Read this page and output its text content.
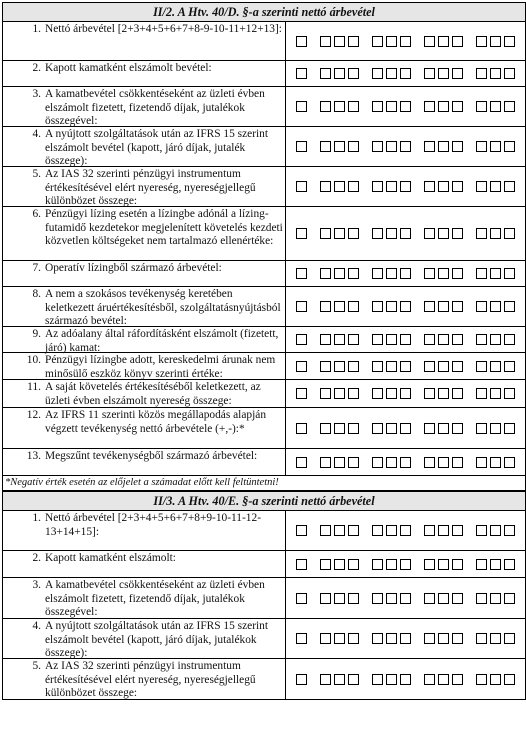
II/2. A Htv. 40/D. §-a szerinti nettó árbevétel
1. Nettó árbevétel [2+3+4+5+6+7+8-9-10-11+12+13]:
2. Kapott kamatként elszámolt bevétel:
3. A kamatbevétel csökkentéseként az üzleti évben elszámolt fizetett, fizetendő díjak, jutalékok összegével:
4. A nyújtott szolgáltatások után az IFRS 15 szerint elszámolt bevétel (kapott, járó díjak, jutalék összege):
5. Az IAS 32 szerinti pénzügyi instrumentum értékesítésével elért nyereség, nyereségjellegű különbözet összege:
6. Pénzügyi lízing esetén a lízingbe adónál a lízing-futamidő kezdetekor megjelenített követelés kezdeti közvetlen költségeket nem tartalmazó ellenértéke:
7. Operatív lízingből származó árbevétel:
8. A nem a szokásos tevékenység keretében keletkezett áruértékesítésből, szolgáltatásnyújtásból származó bevétel:
9. Az adóalany által ráfordításként elszámolt (fizetett, járó) kamat:
10. Pénzügyi lízingbe adott, kereskedelmi árunak nem minősülő eszköz könyv szerinti értéke:
11. A saját követelés értékesítéséből keletkezett, az üzleti évben elszámolt nyereség összege:
12. Az IFRS 11 szerinti közös megállapodás alapján végzett tevékenység nettó árbevétele (+,-):*
13. Megszűnt tevékenységből származó árbevétel:
*Negatív érték esetén az előjelet a számadat előtt kell feltüntetni!
II/3. A Htv. 40/E. §-a szerinti nettó árbevétel
1. Nettó árbevétel [2+3+4+5+6+7+8+9-10-11-12-13+14+15]:
2. Kapott kamatként elszámolt:
3. A kamatbevétel csökkentéseként az üzleti évben elszámolt fizetett, fizetendő díjak, jutalékok összegével:
4. A nyújtott szolgáltatások után az IFRS 15 szerint elszámolt bevétel (kapott, járó díjak, jutalékok összege):
5. Az IAS 32 szerinti pénzügyi instrumentum értékesítésével elért nyereség, nyereségjellegű különbözet összege:
